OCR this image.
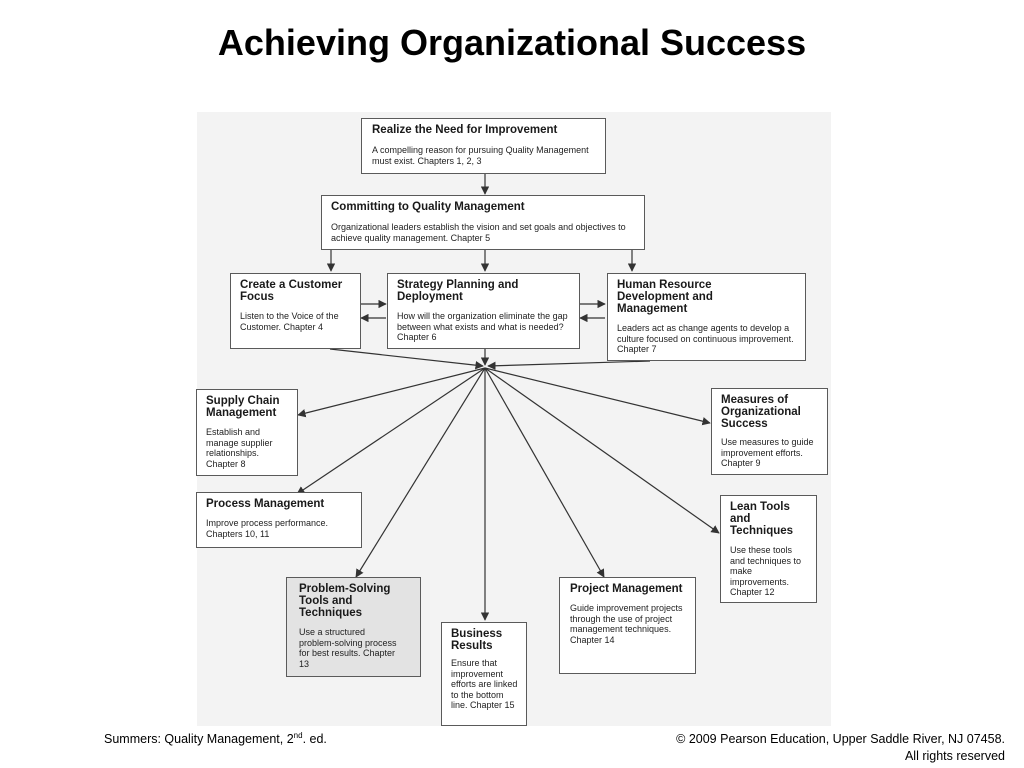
Achieving Organizational Success
Realize the Need for Improvement
A compelling reason for pursuing Quality Management must exist. Chapters 1, 2, 3
Committing to Quality Management
Organizational leaders establish the vision and set goals and objectives to achieve quality management. Chapter 5
Create a Customer Focus
Listen to the Voice of the Customer. Chapter 4
Strategy Planning and Deployment
How will the organization eliminate the gap between what exists and what is needed? Chapter 6
Human Resource Development and Management
Leaders act as change agents to develop a culture focused on continuous improvement. Chapter 7
Supply Chain Management
Establish and manage supplier relationships. Chapter 8
Measures of Organizational Success
Use measures to guide improvement efforts. Chapter 9
Process Management
Improve process performance. Chapters 10, 11
Lean Tools and Techniques
Use these tools and techniques to make improvements. Chapter 12
Problem-Solving Tools and Techniques
Use a structured problem-solving process for best results. Chapter 13
Business Results
Ensure that improvement efforts are linked to the bottom line. Chapter 15
Project Management
Guide improvement projects through the use of project management techniques. Chapter 14
Summers: Quality Management, 2nd. ed.	© 2009 Pearson Education, Upper Saddle River, NJ 07458.
All rights reserved
